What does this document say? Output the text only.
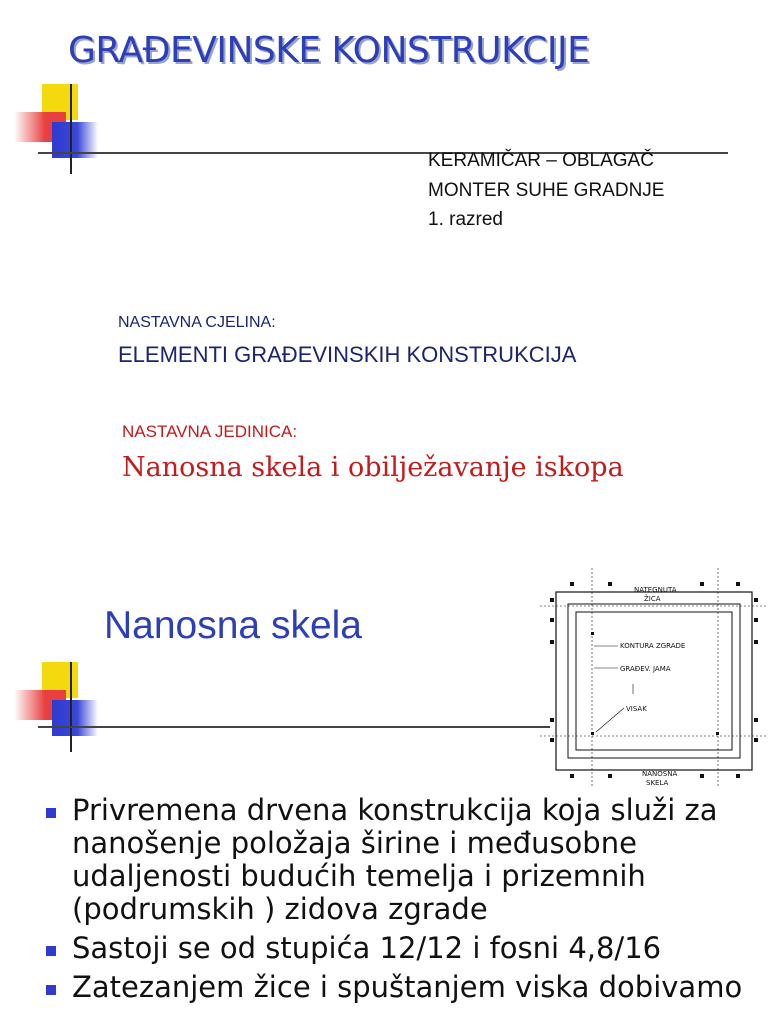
GRAĐEVINSKE KONSTRUKCIJE
KERAMIČAR – OBLAGAČ
MONTER SUHE GRADNJE
1. razred
NASTAVNA CJELINA:
ELEMENTI GRAĐEVINSKIH KONSTRUKCIJA
NASTAVNA JEDINICA:
Nanosna skela i obilježavanje iskopa
Nanosna skela
NATEGNUTA
ŽICA
KONTURA ZGRADE
GRAĐEV. JAMA
VISAK
NANOSNA
SKELA
Privremena drvena konstrukcija koja služi za nanošenje položaja širine i međusobne udaljenosti budućih temelja i prizemnih (podrumskih ) zidova zgrade
Sastoji se od stupića 12/12 i fosni 4,8/16
Zatezanjem žice i spuštanjem viska dobivamo
